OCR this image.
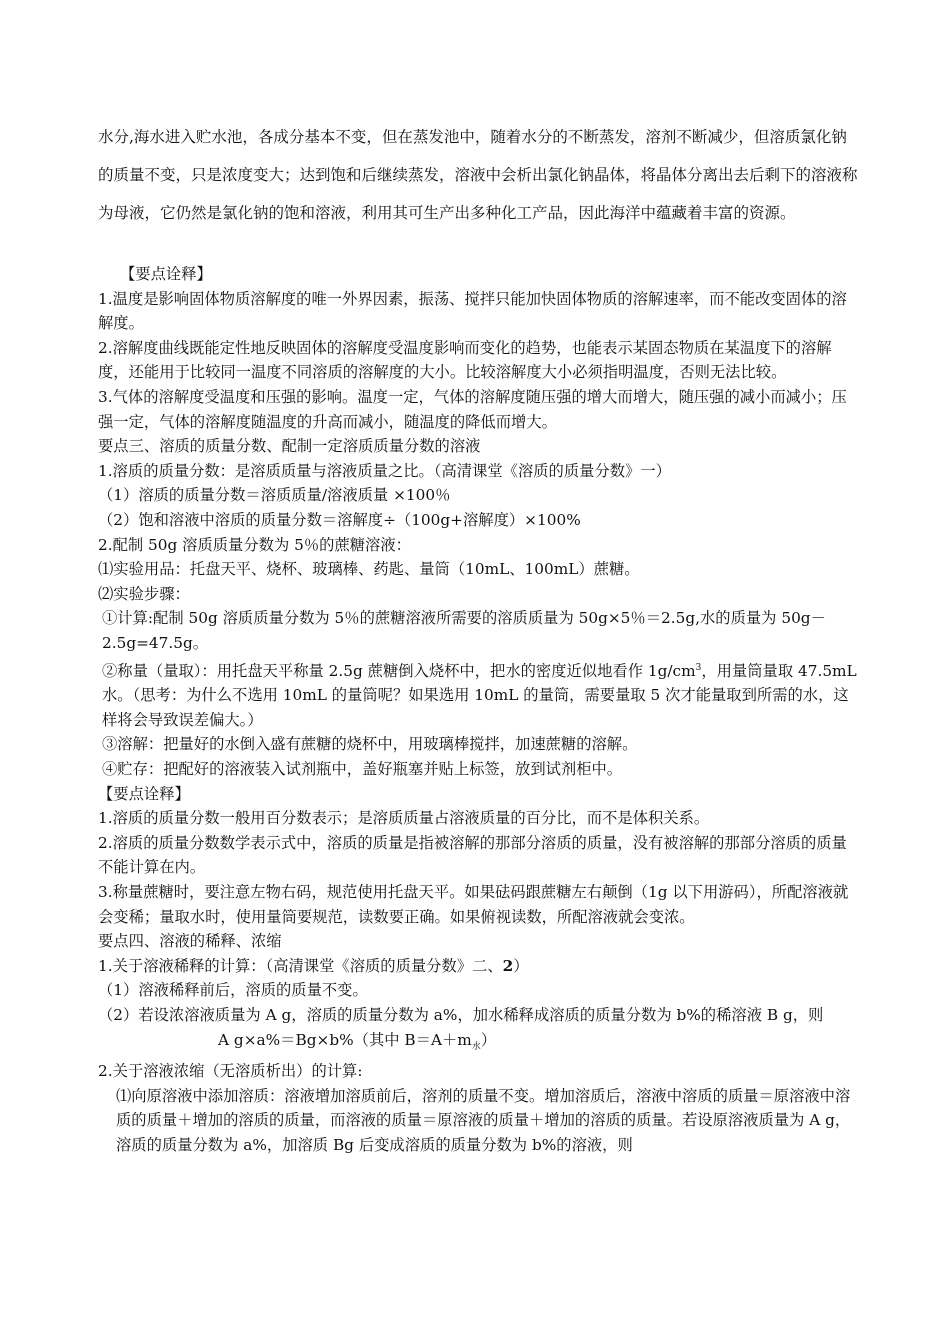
水分,海水进入贮水池，各成分基本不变，但在蒸发池中，随着水分的不断蒸发，溶剂不断减少，但溶质氯化钠的质量不变，只是浓度变大；达到饱和后继续蒸发，溶液中会析出氯化钠晶体，将晶体分离出去后剩下的溶液称为母液，它仍然是氯化钠的饱和溶液，利用其可生产出多种化工产品，因此海洋中蕴藏着丰富的资源。

【要点诠释】

1.温度是影响固体物质溶解度的唯一外界因素，振荡、搅拌只能加快固体物质的溶解速率，而不能改变固体的溶解度。

2.溶解度曲线既能定性地反映固体的溶解度受温度影响而变化的趋势，也能表示某固态物质在某温度下的溶解度，还能用于比较同一温度不同溶质的溶解度的大小。比较溶解度大小必须指明温度，否则无法比较。

3.气体的溶解度受温度和压强的影响。温度一定，气体的溶解度随压强的增大而增大，随压强的减小而减小；压强一定，气体的溶解度随温度的升高而减小，随温度的降低而增大。

要点三、溶质的质量分数、配制一定溶质质量分数的溶液

1.溶质的质量分数：是溶质质量与溶液质量之比。（高清课堂《溶质的质量分数》一）

（1）溶质的质量分数＝溶质质量/溶液质量 ×100％

（2）饱和溶液中溶质的质量分数＝溶解度÷（100g+溶解度）×100%

2.配制 50g 溶质质量分数为 5％的蔗糖溶液：

⑴实验用品：托盘天平、烧杯、玻璃棒、药匙、量筒（10mL、100mL）蔗糖。

⑵实验步骤：

①计算:配制 50g 溶质质量分数为 5％的蔗糖溶液所需要的溶质质量为 50g×5％＝2.5g,水的质量为 50g－2.5g=47.5g。

②称量（量取）：用托盘天平称量 2.5g 蔗糖倒入烧杯中，把水的密度近似地看作 $1g/cm^3$，用量筒量取 47.5mL 水。（思考：为什么不选用 10mL 的量筒呢？如果选用 10mL 的量筒，需要量取 5 次才能量取到所需的水，这样将会导致误差偏大。）

③溶解：把量好的水倒入盛有蔗糖的烧杯中，用玻璃棒搅拌，加速蔗糖的溶解。

④贮存：把配好的溶液装入试剂瓶中，盖好瓶塞并贴上标签，放到试剂柜中。

【要点诠释】

1.溶质的质量分数一般用百分数表示；是溶质质量占溶液质量的百分比，而不是体积关系。

2.溶质的质量分数数学表示式中，溶质的质量是指被溶解的那部分溶质的质量，没有被溶解的那部分溶质的质量不能计算在内。

3.称量蔗糖时，要注意左物右码，规范使用托盘天平。如果砝码跟蔗糖左右颠倒（1g 以下用游码），所配溶液就会变稀；量取水时，使用量筒要规范，读数要正确。如果俯视读数，所配溶液就会变浓。

要点四、溶液的稀释、浓缩

1.关于溶液稀释的计算：（高清课堂《溶质的质量分数》二、2）

（1）溶液稀释前后，溶质的质量不变。

（2）若设浓溶液质量为 A g，溶质的质量分数为 a%，加水稀释成溶质的质量分数为 b%的稀溶液 B g，则

A g×a%＝Bg×b%（其中 $B=A+m_水$）

2.关于溶液浓缩（无溶质析出）的计算:

⑴向原溶液中添加溶质：溶液增加溶质前后，溶剂的质量不变。增加溶质后，溶液中溶质的质量＝原溶液中溶质的质量＋增加的溶质的质量，而溶液的质量＝原溶液的质量＋增加的溶质的质量。若设原溶液质量为 A g，溶质的质量分数为 a%，加溶质 Bg 后变成溶质的质量分数为 b%的溶液，则
